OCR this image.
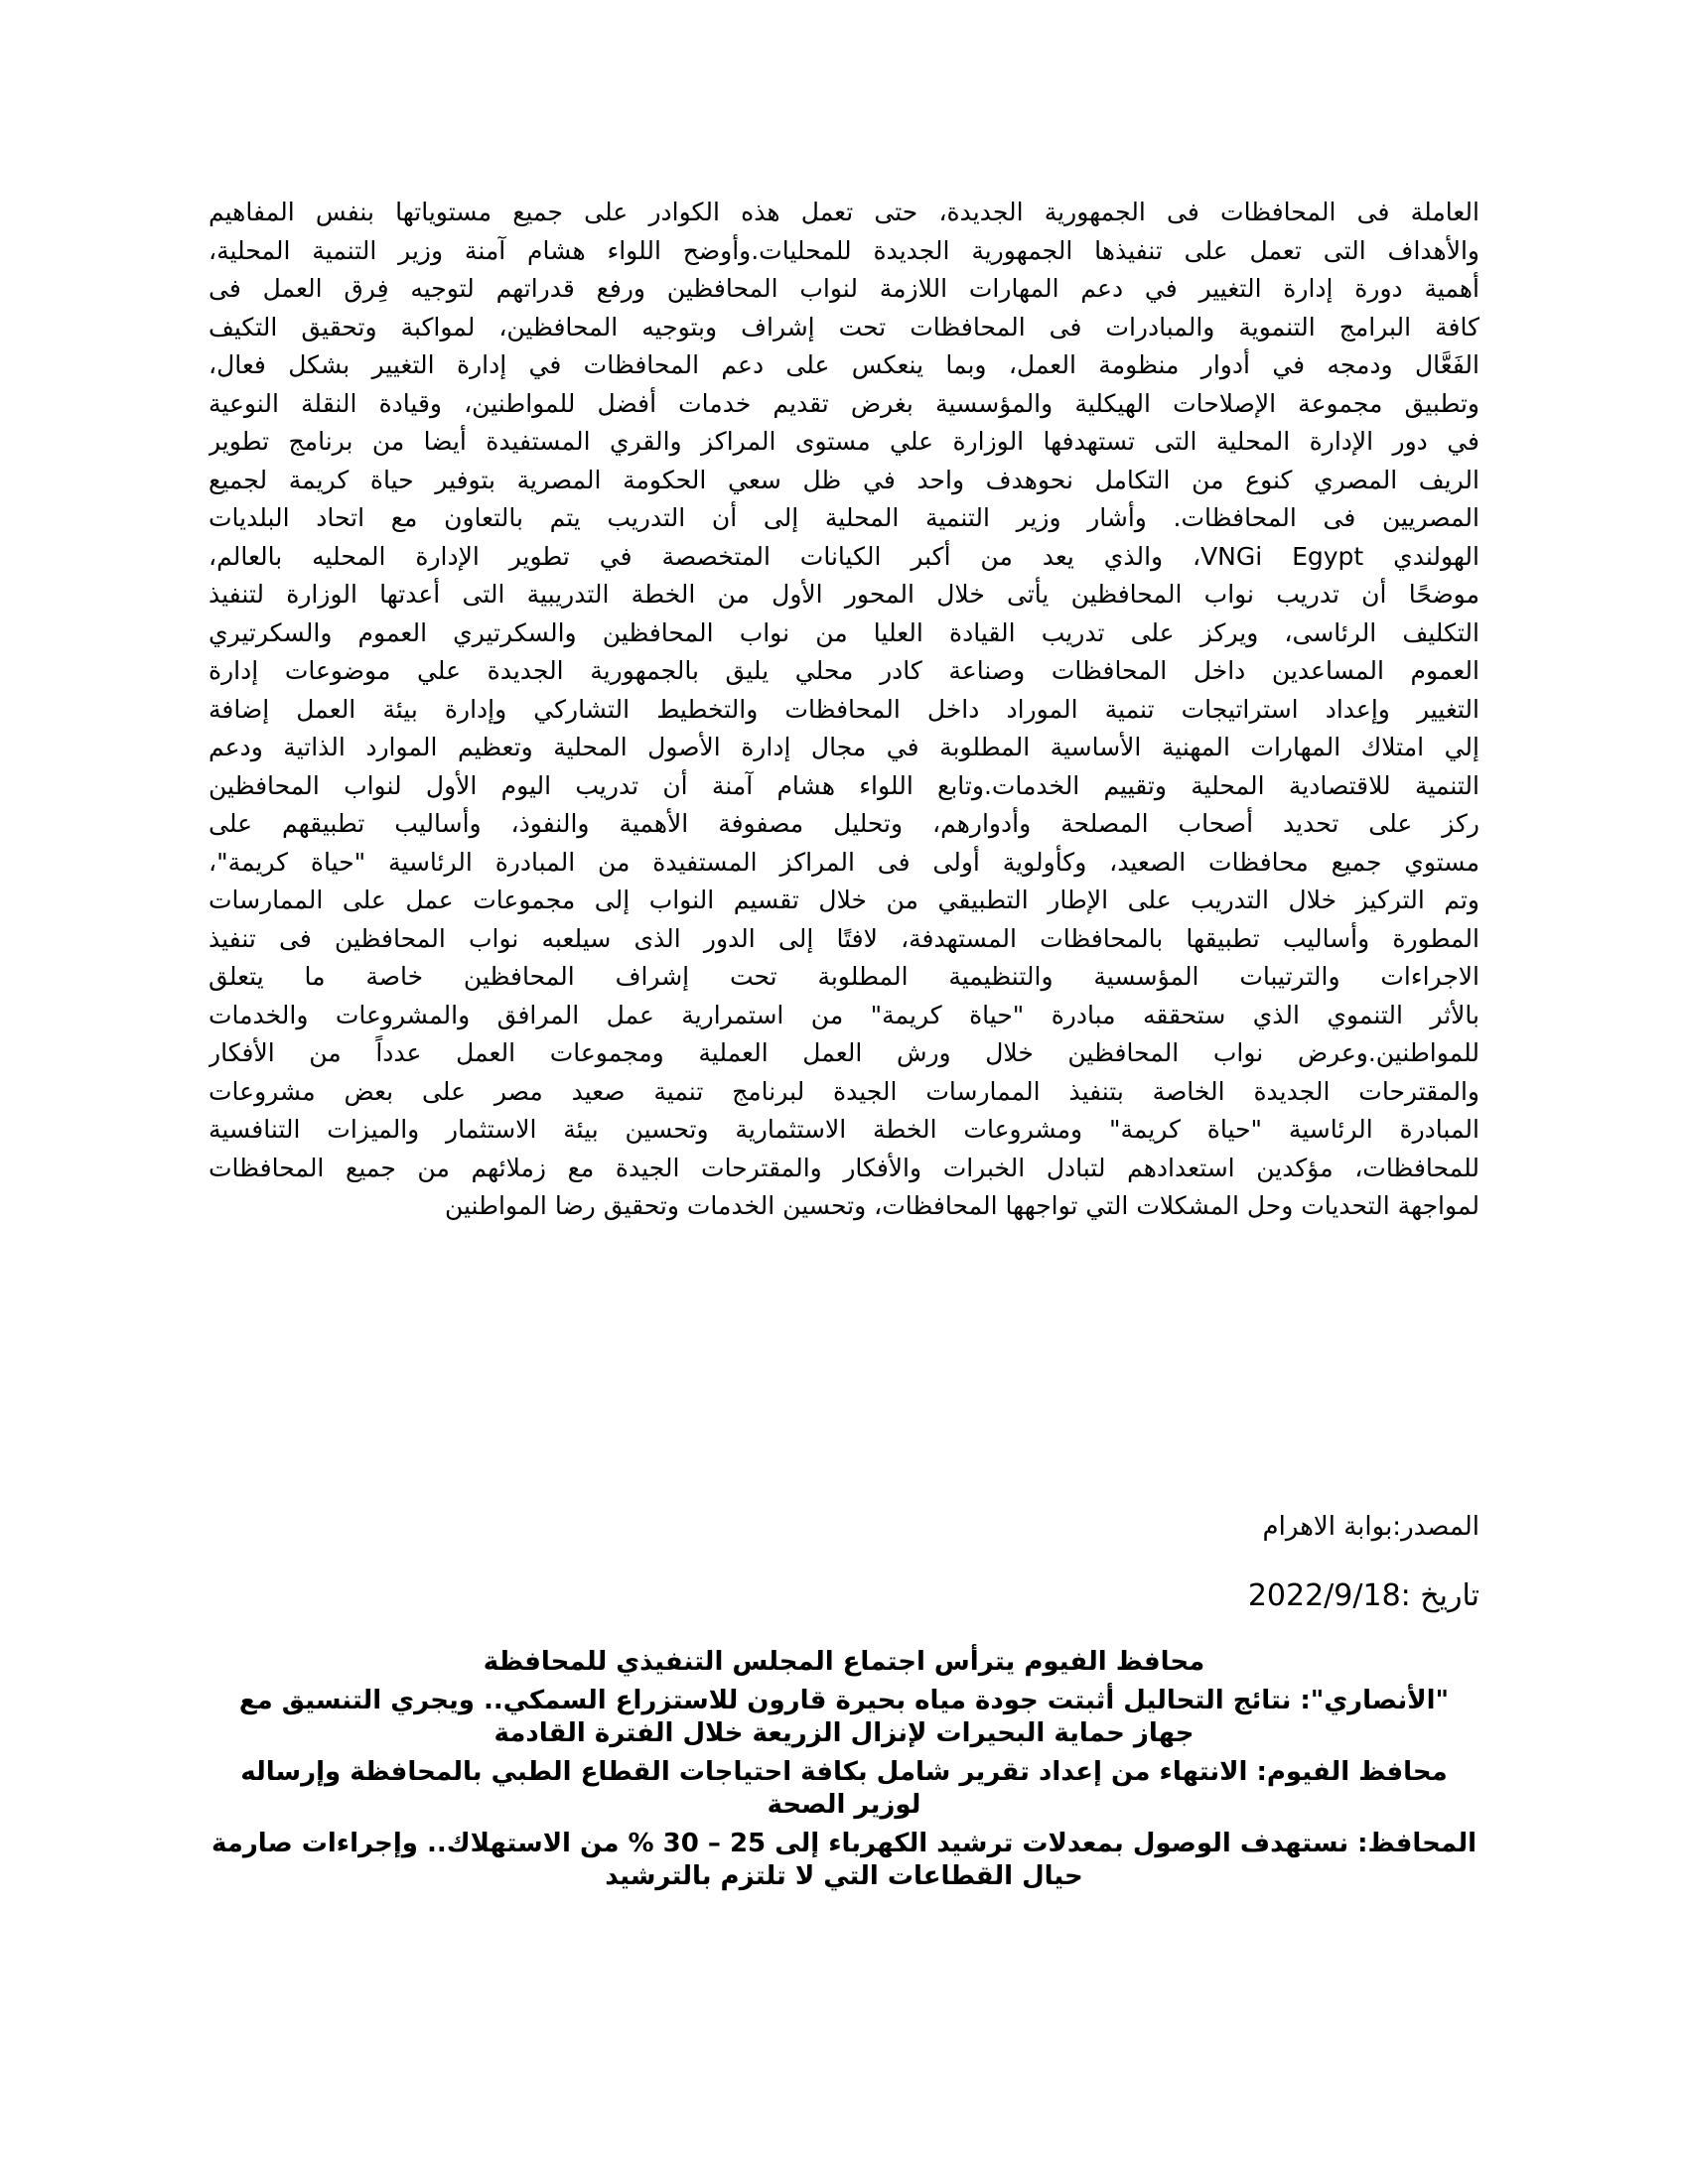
العاملة فى المحافظات فى الجمهورية الجديدة، حتى تعمل هذه الكوادر على جميع مستوياتها بنفس المفاهيم
والأهداف التى تعمل على تنفيذها الجمهورية الجديدة للمحليات.وأوضح اللواء هشام آمنة وزير التنمية المحلية،
أهمية دورة إدارة التغيير في دعم المهارات اللازمة لنواب المحافظين ورفع قدراتهم لتوجيه فِرق العمل فى
كافة البرامج التنموية والمبادرات فى المحافظات تحت إشراف وبتوجيه المحافظين، لمواكبة وتحقيق التكيف
الفَعَّال ودمجه في أدوار منظومة العمل، وبما ينعكس على دعم المحافظات في إدارة التغيير بشكل فعال،
وتطبيق مجموعة الإصلاحات الهيكلية والمؤسسية بغرض تقديم خدمات أفضل للمواطنين، وقيادة النقلة النوعية
في دور الإدارة المحلية التى تستهدفها الوزارة علي مستوى المراكز والقري المستفيدة أيضا من برنامج تطوير
الريف المصري كنوع من التكامل نحوهدف واحد في ظل سعي الحكومة المصرية بتوفير حياة كريمة لجميع
المصريين فى المحافظات. وأشار وزير التنمية المحلية إلى أن التدريب يتم بالتعاون مع اتحاد البلديات
الهولندي VNGi Egypt، والذي يعد من أكبر الكيانات المتخصصة في تطوير الإدارة المحليه بالعالم،
موضحًا أن تدريب نواب المحافظين يأتى خلال المحور الأول من الخطة التدريبية التى أعدتها الوزارة لتنفيذ
التكليف الرئاسى، ويركز على تدريب القيادة العليا من نواب المحافظين والسكرتيري العموم والسكرتيري
العموم المساعدين داخل المحافظات وصناعة كادر محلي يليق بالجمهورية الجديدة علي موضوعات إدارة
التغيير وإعداد استراتيجات تنمية الموراد داخل المحافظات والتخطيط التشاركي وإدارة بيئة العمل إضافة
إلي امتلاك المهارات المهنية الأساسية المطلوبة في مجال إدارة الأصول المحلية وتعظيم الموارد الذاتية ودعم
التنمية للاقتصادية المحلية وتقييم الخدمات.وتابع اللواء هشام آمنة أن تدريب اليوم الأول لنواب المحافظين
ركز على تحديد أصحاب المصلحة وأدوارهم، وتحليل مصفوفة الأهمية والنفوذ، وأساليب تطبيقهم على
مستوي جميع محافظات الصعيد، وكأولوية أولى فى المراكز المستفيدة من المبادرة الرئاسية "حياة كريمة"،
وتم التركيز خلال التدريب على الإطار التطبيقي من خلال تقسيم النواب إلى مجموعات عمل على الممارسات
المطورة وأساليب تطبيقها بالمحافظات المستهدفة، لافتًا إلى الدور الذى سيلعبه نواب المحافظين فى تنفيذ
الاجراءات والترتيبات المؤسسية والتنظيمية المطلوبة تحت إشراف المحافظين خاصة ما يتعلق
بالأثر التنموي الذي ستحققه مبادرة "حياة كريمة" من استمرارية عمل المرافق والمشروعات والخدمات
للمواطنين.وعرض نواب المحافظين خلال ورش العمل العملية ومجموعات العمل عدداً من الأفكار
والمقترحات الجديدة الخاصة بتنفيذ الممارسات الجيدة لبرنامج تنمية صعيد مصر على بعض مشروعات
المبادرة الرئاسية "حياة كريمة" ومشروعات الخطة الاستثمارية وتحسين بيئة الاستثمار والميزات التنافسية
للمحافظات، مؤكدين استعدادهم لتبادل الخبرات والأفكار والمقترحات الجيدة مع زملائهم من جميع المحافظات
لمواجهة التحديات وحل المشكلات التي تواجهها المحافظات، وتحسين الخدمات وتحقيق رضا المواطنين
المصدر:بوابة الاهرام
تاريخ :2022/9/18
محافظ الفيوم يترأس اجتماع المجلس التنفيذي للمحافظة
"الأنصاري": نتائج التحاليل أثبتت جودة مياه بحيرة قارون للاستزراع السمكي.. ويجري التنسيق مع جهاز حماية البحيرات لإنزال الزريعة خلال الفترة القادمة
محافظ الفيوم: الانتهاء من إعداد تقرير شامل بكافة احتياجات القطاع الطبي بالمحافظة وإرساله لوزير الصحة
المحافظ: نستهدف الوصول بمعدلات ترشيد الكهرباء إلى 25 – 30 % من الاستهلاك.. وإجراءات صارمة حيال القطاعات التي لا تلتزم بالترشيد
